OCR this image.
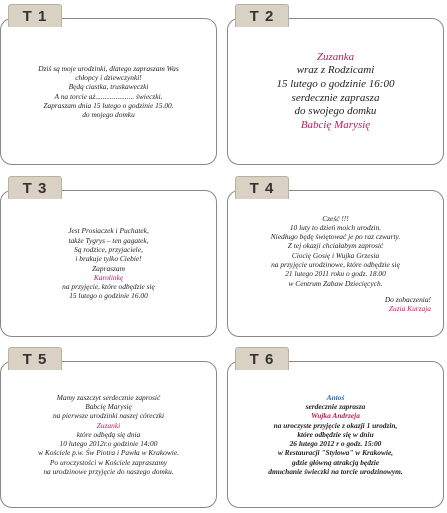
T 1
Dziś są moje urodzinki, dlatego zapraszam Was
chłopcy i dziewczynki!
Będą ciastka, truskaweczki
A na torcie aż..................... świeczki.
Zapraszam dnia 15 lutego o godzinie 15.00.
do mojego domku
T 2
Zuzanka
wraz z Rodzicami
15 lutego o godzinie 16:00
serdecznie zaprasza
do swojego domku
Babcię Marysię
T 3
Jest Prosiaczek i Puchatek,
także Tygrys – ten gagatek,
Są rodzice, przyjaciele,
i brakuje tylko Ciebie!
Zapraszam
Karolinkę
na przyjęcie, które odbędzie się
15 lutego o godzinie 16.00
T 4
Cześć !!!
10 luty to dzień moich urodzin.
Niedługo będę świętować je po raz czwarty.
Z tej okazji chciałabym zaprosić
Ciocię Gosię i Wujka Grzesia
na przyjęcie urodzinowe, które odbędzie się
21 lutego 2011 roku o godz. 18.00
w Centrum Zabaw Dziecięcych.
Do zobaczenia!
Zuzia Kurzaja
T 5
Mamy zaszczyt serdecznie zaprosić
Babcię Marysię
na pierwsze urodzinki naszej córeczki
Zuzanki
które odbędą się dnia
10 lutego 2012r.o godzinie 14:00
w Kościele p.w. Św Piotra i Pawła w Krakowie.
Po uroczystości w Kościele zapraszamy
na urodzinowe przyjęcie do naszego domku.
T 6
Antoś
serdecznie zaprasza
Wujka Andrzeja
na uroczyste przyjęcie z okazji 1 urodzin,
które odbędzie się w dniu
26 lutego 2012 r o godz. 15:00
w Restauracji "Stylowa" w Krakowie,
gdzie główną atrakcją będzie
dmuchanie świeczki na torcie urodzinowym.
